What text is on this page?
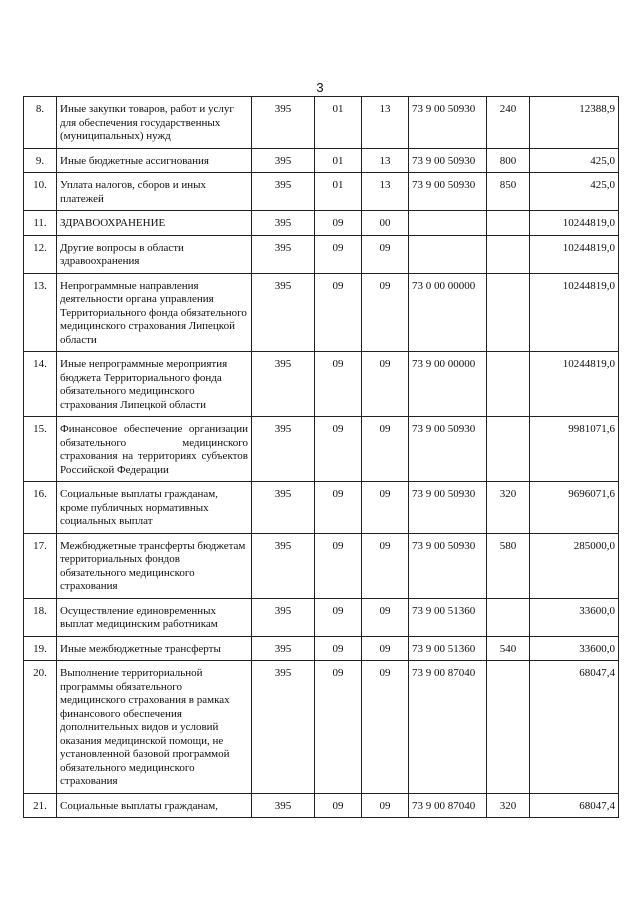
3
8.	Иные закупки товаров, работ и услуг для обеспечения государственных (муниципальных) нужд	395	01	13	73 9 00 50930	240	12388,9
9.	Иные бюджетные ассигнования	395	01	13	73 9 00 50930	800	425,0
10.	Уплата налогов, сборов и иных платежей	395	01	13	73 9 00 50930	850	425,0
11.	ЗДРАВООХРАНЕНИЕ	395	09	00			10244819,0
12.	Другие вопросы в области здравоохранения	395	09	09			10244819,0
13.	Непрограммные направления деятельности органа управления Территориального фонда обязательного медицинского страхования Липецкой области	395	09	09	73 0 00 00000		10244819,0
14.	Иные непрограммные мероприятия бюджета Территориального фонда обязательного медицинского страхования Липецкой области	395	09	09	73 9 00 00000		10244819,0
15.	Финансовое обеспечение организации обязательного медицинского страхования на территориях субъектов Российской Федерации	395	09	09	73 9 00 50930		9981071,6
16.	Социальные выплаты гражданам, кроме публичных нормативных социальных выплат	395	09	09	73 9 00 50930	320	9696071,6
17.	Межбюджетные трансферты бюджетам территориальных фондов обязательного медицинского страхования	395	09	09	73 9 00 50930	580	285000,0
18.	Осуществление единовременных выплат медицинским работникам	395	09	09	73 9 00 51360		33600,0
19.	Иные межбюджетные трансферты	395	09	09	73 9 00 51360	540	33600,0
20.	Выполнение территориальной программы обязательного медицинского страхования в рамках финансового обеспечения дополнительных видов и условий оказания медицинской помощи, не установленной базовой программой обязательного медицинского страхования	395	09	09	73 9 00 87040		68047,4
21.	Социальные выплаты гражданам,	395	09	09	73 9 00 87040	320	68047,4
